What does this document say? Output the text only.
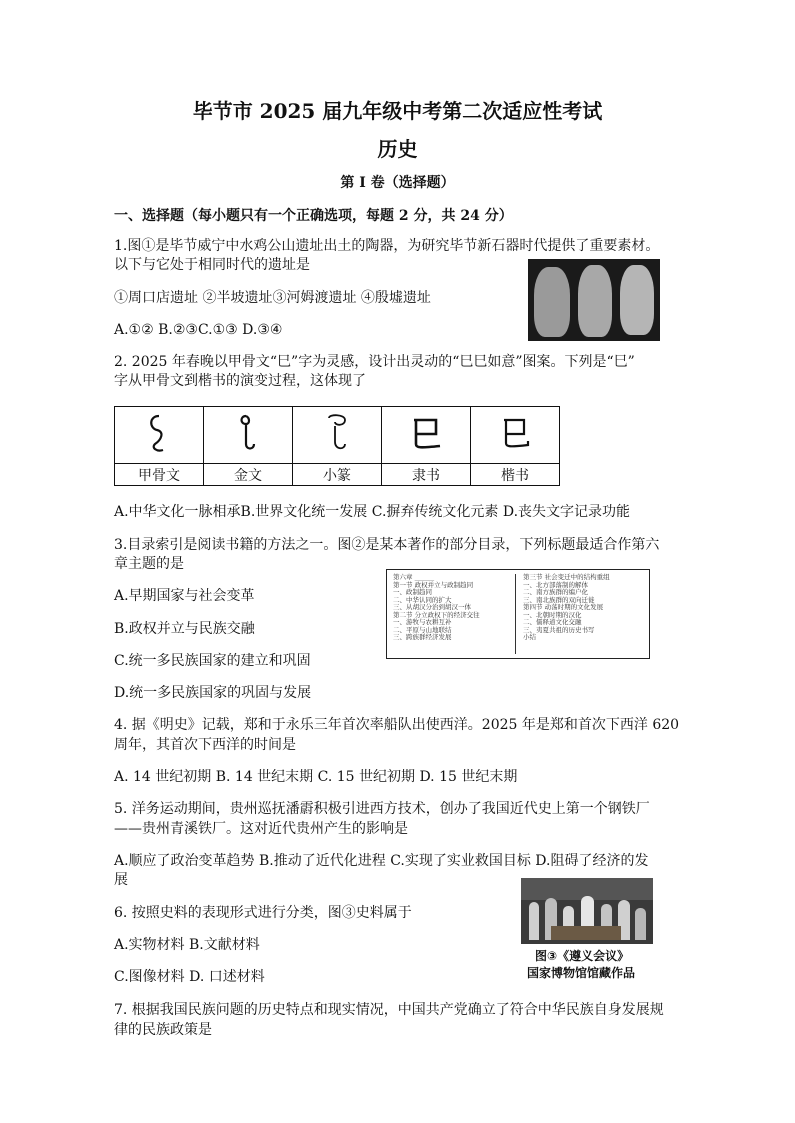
毕节市 2025 届九年级中考第二次适应性考试
历史
第 I 卷（选择题）
一、选择题（每小题只有一个正确选项，每题 2 分，共 24 分）
1.图①是毕节威宁中水鸡公山遗址出土的陶器，为研究毕节新石器时代提供了重要素材。
以下与它处于相同时代的遗址是
①周口店遗址 ②半坡遗址③河姆渡遗址 ④殷墟遗址
A.①② B.②③C.①③ D.③④
2. 2025 年春晚以甲骨文“巳”字为灵感，设计出灵动的“巳巳如意”图案。下列是“巳”
字从甲骨文到楷书的演变过程，这体现了

甲骨文	金文	小篆	隶书	楷书
A.中华文化一脉相承B.世界文化统一发展 C.摒弃传统文化元素 D.丧失文字记录功能
3.目录索引是阅读书籍的方法之一。图②是某本著作的部分目录，下列标题最适合作第六
章主题的是
A.早期国家与社会变革
B.政权并立与民族交融
C.统一多民族国家的建立和巩固
D.统一多民族国家的巩固与发展
第六章 ______
第一节 政权并立与政制趋同
一、政制趋同
二、中华认同的扩大
三、从胡汉分治到胡汉一体
第二节 分立政权下的经济交往
一、游牧与农耕互补
二、平原与山地联结
三、跨族群经济发展
第三节 社会变迁中的结构重组
一、北方部落制的解体
二、南方族群的编户化
三、南北族群的双向迁徙
第四节 动荡时期的文化发展
一、北朝时期的汉化
二、儒释道文化交融
三、夷夏共祖的历史书写
小结
4. 据《明史》记载，郑和于永乐三年首次率船队出使西洋。2025 年是郑和首次下西洋 620
周年，其首次下西洋的时间是
A. 14 世纪初期 B. 14 世纪末期 C. 15 世纪初期 D. 15 世纪末期
5. 洋务运动期间，贵州巡抚潘霨积极引进西方技术，创办了我国近代史上第一个钢铁厂
——贵州青溪铁厂。这对近代贵州产生的影响是
A.顺应了政治变革趋势 B.推动了近代化进程 C.实现了实业救国目标 D.阻碍了经济的发
展
6. 按照史料的表现形式进行分类，图③史料属于
A.实物材料 B.文献材料
C.图像材料 D. 口述材料
图③《遵义会议》
国家博物馆馆藏作品
7. 根据我国民族问题的历史特点和现实情况，中国共产党确立了符合中华民族自身发展规
律的民族政策是
